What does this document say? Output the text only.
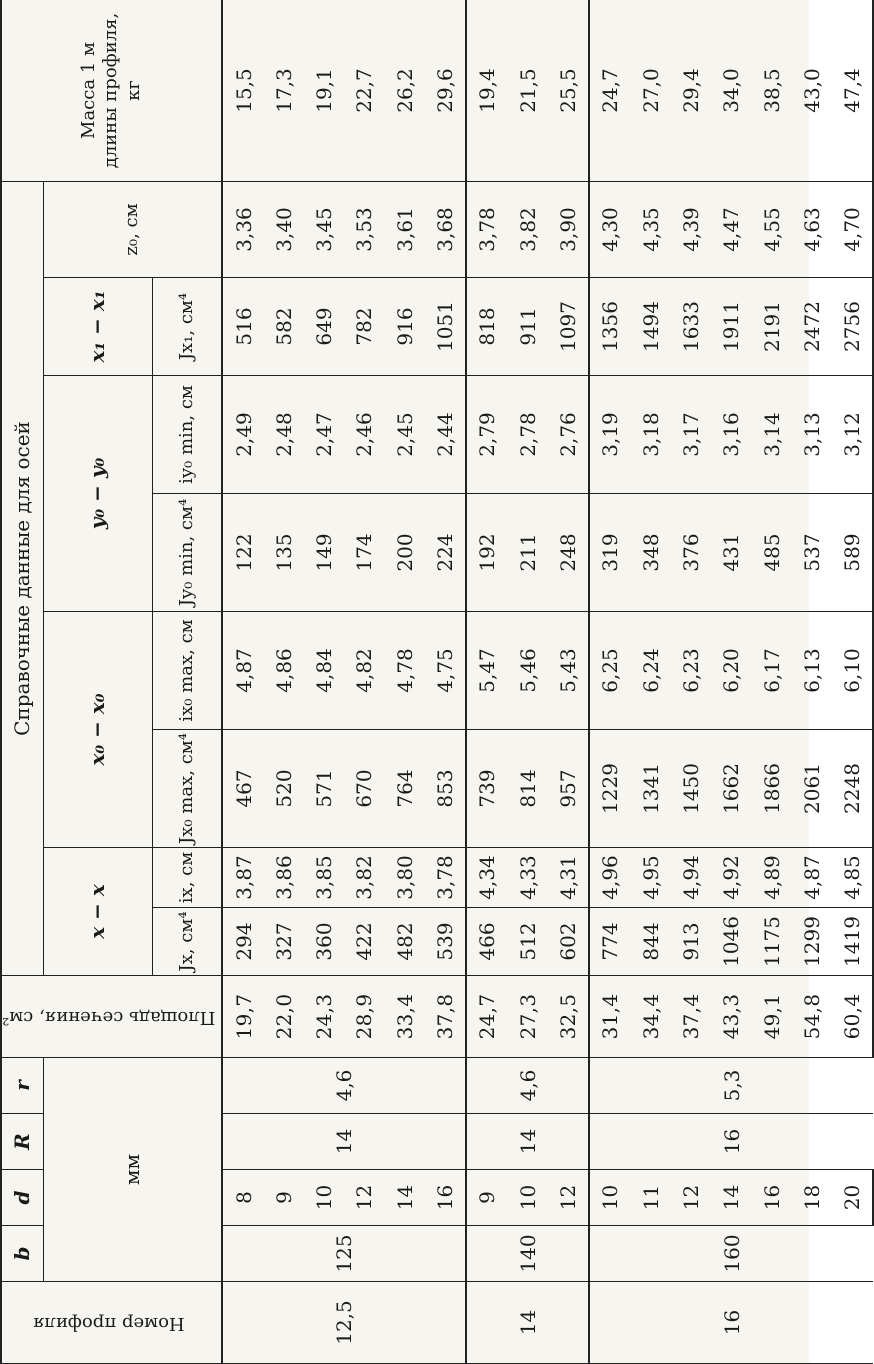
Номер профиля	b	d	R	r	Площадь сечения, см²	Справочные данные для осей								Масса 1 м длины профиля, кг
	мм					x − x		x₀ − x₀		y₀ − y₀		x₁ − x₁	z₀, см	
						Jx, см⁴	ix, см	Jx₀ max, см⁴	ix₀ max, см	Jy₀ min, см⁴	iy₀ min, см	Jx₁, см⁴		
12,5	125	8	14	4,6	19,7	294	3,87	467	4,87	122	2,49	516	3,36	15,5
		9			22,0	327	3,86	520	4,86	135	2,48	582	3,40	17,3
		10			24,3	360	3,85	571	4,84	149	2,47	649	3,45	19,1
		12			28,9	422	3,82	670	4,82	174	2,46	782	3,53	22,7
		14			33,4	482	3,80	764	4,78	200	2,45	916	3,61	26,2
		16			37,8	539	3,78	853	4,75	224	2,44	1051	3,68	29,6
14	140	9	14	4,6	24,7	466	4,34	739	5,47	192	2,79	818	3,78	19,4
		10			27,3	512	4,33	814	5,46	211	2,78	911	3,82	21,5
		12			32,5	602	4,31	957	5,43	248	2,76	1097	3,90	25,5
16	160	10	16	5,3	31,4	774	4,96	1229	6,25	319	3,19	1356	4,30	24,7
		11			34,4	844	4,95	1341	6,24	348	3,18	1494	4,35	27,0
		12			37,4	913	4,94	1450	6,23	376	3,17	1633	4,39	29,4
		14			43,3	1046	4,92	1662	6,20	431	3,16	1911	4,47	34,0
		16			49,1	1175	4,89	1866	6,17	485	3,14	2191	4,55	38,5
		18			54,8	1299	4,87	2061	6,13	537	3,13	2472	4,63	43,0
		20			60,4	1419	4,85	2248	6,10	589	3,12	2756	4,70	47,4
